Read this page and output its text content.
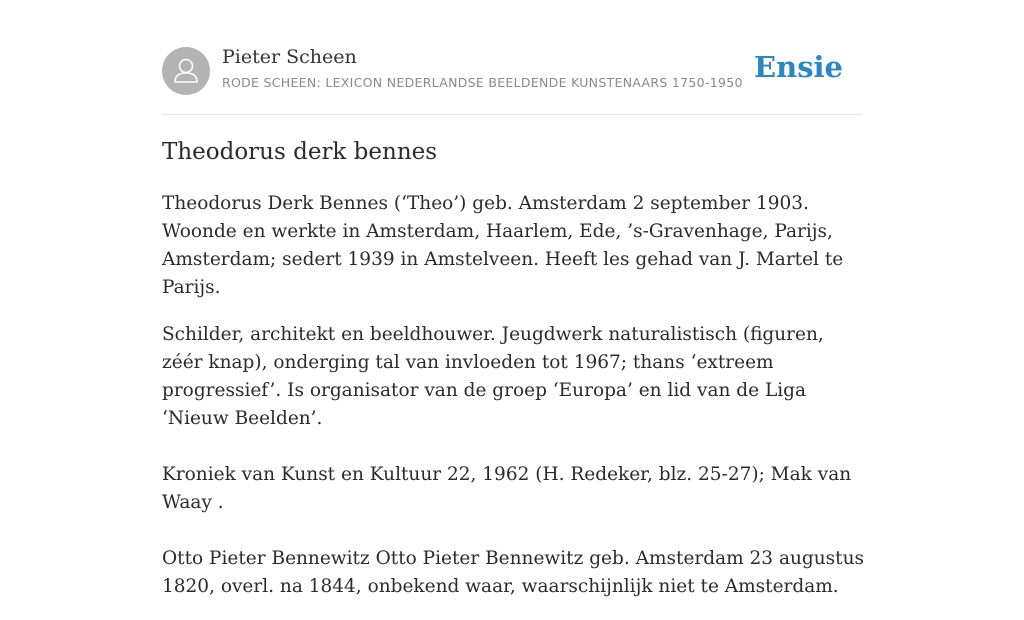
Pieter Scheen
RODE SCHEEN: LEXICON NEDERLANDSE BEELDENDE KUNSTENAARS 1750-1950 Ensie
Theodorus derk bennes

Theodorus Derk Bennes (‘Theo’) geb. Amsterdam 2 september 1903. Woonde en werkte in Amsterdam, Haarlem, Ede, ’s-Gravenhage, Parijs, Amsterdam; sedert 1939 in Amstelveen. Heeft les gehad van J. Martel te Parijs.

Schilder, architekt en beeldhouwer. Jeugdwerk naturalistisch (figuren, zéér knap), onderging tal van invloeden tot 1967; thans ‘extreem progressief’. Is organisator van de groep ‘Europa’ en lid van de Liga ‘Nieuw Beelden’.

Kroniek van Kunst en Kultuur 22, 1962 (H. Redeker, blz. 25-27); Mak van Waay .

Otto Pieter Bennewitz Otto Pieter Bennewitz geb. Amsterdam 23 augustus 1820, overl. na 1844, onbekend waar, waarschijnlijk niet te Amsterdam.
